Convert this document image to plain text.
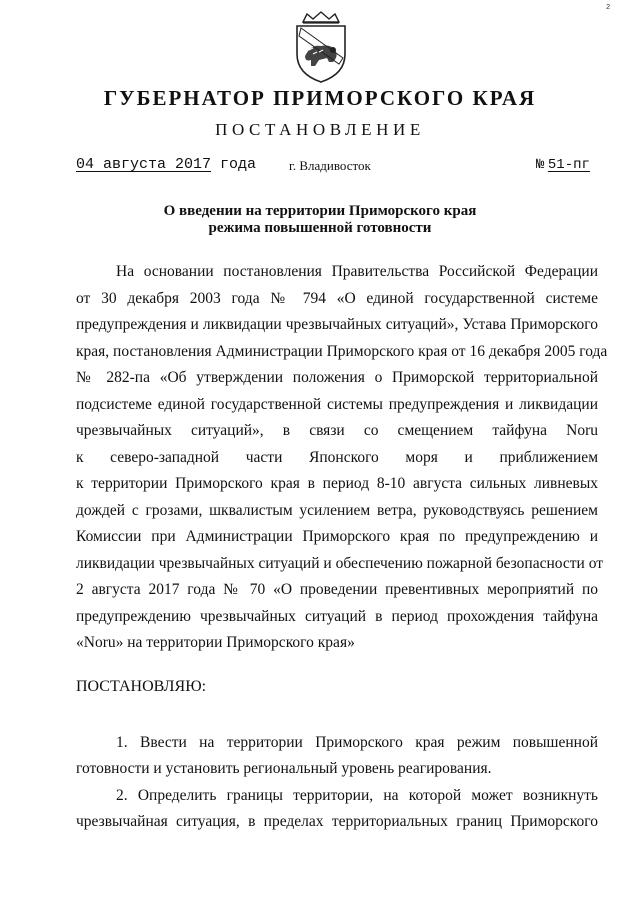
2
ГУБЕРНАТОР ПРИМОРСКОГО КРАЯ
ПОСТАНОВЛЕНИЕ
04 августа 2017 года	г. Владивосток	№ 51-пг
О введении на территории Приморского края
режима повышенной готовности
На основании постановления Правительства Российской Федерации
от 30 декабря 2003 года № 794 «О единой государственной системе
предупреждения и ликвидации чрезвычайных ситуаций», Устава Приморского
края, постановления Администрации Приморского края от 16 декабря 2005 года
№ 282-па «Об утверждении положения о Приморской территориальной
подсистеме единой государственной системы предупреждения и ликвидации
чрезвычайных ситуаций», в связи со смещением тайфуна Noru
к северо-западной части Японского моря и приближением
к территории Приморского края в период 8-10 августа сильных ливневых
дождей с грозами, шквалистым усилением ветра, руководствуясь решением
Комиссии при Администрации Приморского края по предупреждению и
ликвидации чрезвычайных ситуаций и обеспечению пожарной безопасности от
2 августа 2017 года № 70 «О проведении превентивных мероприятий по
предупреждению чрезвычайных ситуаций в период прохождения тайфуна
«Noru» на территории Приморского края»
ПОСТАНОВЛЯЮ:
1. Ввести на территории Приморского края режим повышенной
готовности и установить региональный уровень реагирования.
2. Определить границы территории, на которой может возникнуть
чрезвычайная ситуация, в пределах территориальных границ Приморского
